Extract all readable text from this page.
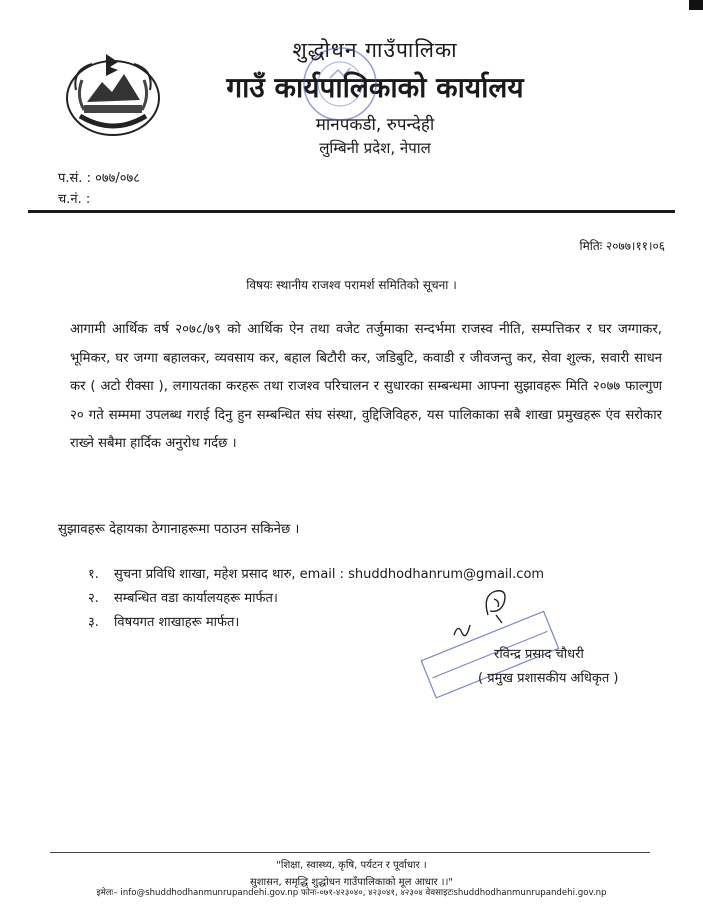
शुद्धोधन गाउँपालिका
गाउँ कार्यपालिकाको कार्यालय
मानपकडी, रुपन्देही
लुम्बिनी प्रदेश, नेपाल
प.सं. : ०७७/०७८
च.नं. :
मितिः २०७७।११।०६
विषयः स्थानीय राजश्व परामर्श समितिको सूचना ।
आगामी आर्थिक वर्ष २०७८/७९ को आर्थिक ऐन तथा वजेट तर्जुमाका सन्दर्भमा राजस्व नीति, सम्पत्तिकर र घर जग्गाकर, भूमिकर, घर जग्गा बहालकर, व्यवसाय कर, बहाल बिटौरी कर, जडिबुटि, कवाडी र जीवजन्तु कर, सेवा शुल्क, सवारी साधन कर ( अटो रीक्सा ), लगायतका करहरू तथा राजश्व परिचालन र सुधारका सम्बन्धमा आफ्ना सुझावहरू मिति २०७७ फाल्गुण २० गते सम्ममा उपलब्ध गराई दिनु हुन सम्बन्धित संघ संस्था, वुद्दिजिविहरु, यस पालिकाका सबै शाखा प्रमुखहरू एंव सरोकार राख्ने सबैमा हार्दिक अनुरोध गर्दछ ।
सुझावहरू देहायका ठेगानाहरूमा पठाउन सकिनेछ ।
१. सुचना प्रविधि शाखा, महेश प्रसाद थारु, email : shuddhodhanrum@gmail.com
२. सम्बन्धित वडा कार्यालयहरू मार्फत।
३. विषयगत शाखाहरू मार्फत।
रविन्द्र प्रसाद चौधरी
( प्रमुख प्रशासकीय अधिकृत )
"शिक्षा, स्वास्थ्य, कृषि, पर्यटन र पूर्वाधार ।
सुशासन, समृद्धि शुद्धोधन गाउँपालिकाको मूल आधार ।।"
इमेलः– info@shuddhodhanmunrupandehi.gov.np फोनः-०७१-४२३०४०, ४२३०४१, ४२३०४ वेवसाइटःshuddhodhanmunrupandehi.gov.np
